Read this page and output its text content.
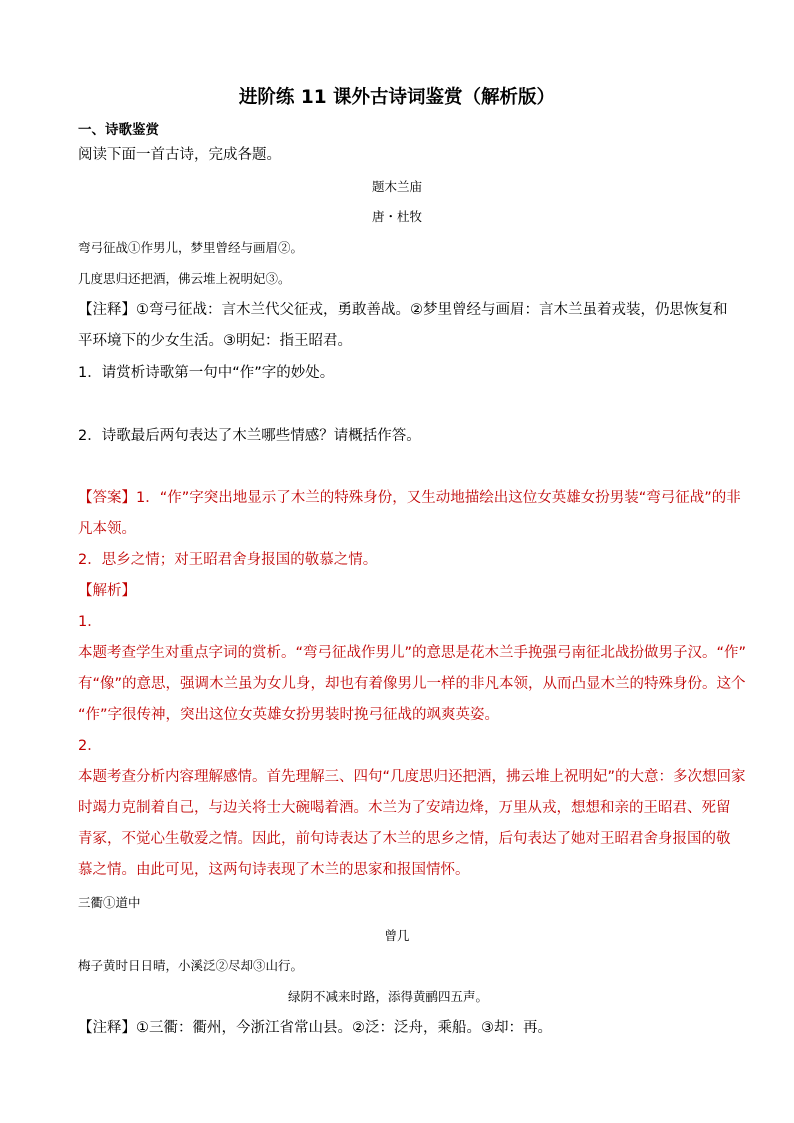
进阶练 11 课外古诗词鉴赏（解析版）
一、诗歌鉴赏
阅读下面一首古诗，完成各题。
题木兰庙
唐・杜牧
弯弓征战①作男儿，梦里曾经与画眉②。
几度思归还把酒，佛云堆上祝明妃③。
【注释】①弯弓征战：言木兰代父征戎，勇敢善战。②梦里曾经与画眉：言木兰虽着戎装，仍思恢复和
平环境下的少女生活。③明妃：指王昭君。
1．请赏析诗歌第一句中“作”字的妙处。
2．诗歌最后两句表达了木兰哪些情感？请概括作答。
【答案】1．“作”字突出地显示了木兰的特殊身份，又生动地描绘出这位女英雄女扮男装“弯弓征战”的非
凡本领。
2．思乡之情；对王昭君舍身报国的敬慕之情。
【解析】
1．
本题考查学生对重点字词的赏析。“弯弓征战作男儿”的意思是花木兰手挽强弓南征北战扮做男子汉。“作”
有“像”的意思，强调木兰虽为女儿身，却也有着像男儿一样的非凡本领，从而凸显木兰的特殊身份。这个
“作”字很传神，突出这位女英雄女扮男装时挽弓征战的飒爽英姿。
2．
本题考查分析内容理解感情。首先理解三、四句“几度思归还把酒，拂云堆上祝明妃”的大意：多次想回家
时竭力克制着自己，与边关将士大碗喝着酒。木兰为了安靖边烽，万里从戎，想想和亲的王昭君、死留
青冢，不觉心生敬爱之情。因此，前句诗表达了木兰的思乡之情，后句表达了她对王昭君舍身报国的敬
慕之情。由此可见，这两句诗表现了木兰的思家和报国情怀。
三衢①道中
曾几
梅子黄时日日晴，小溪泛②尽却③山行。
绿阴不减来时路，添得黄鹂四五声。
【注释】①三衢：衢州，今浙江省常山县。②泛：泛舟，乘船。③却：再。
